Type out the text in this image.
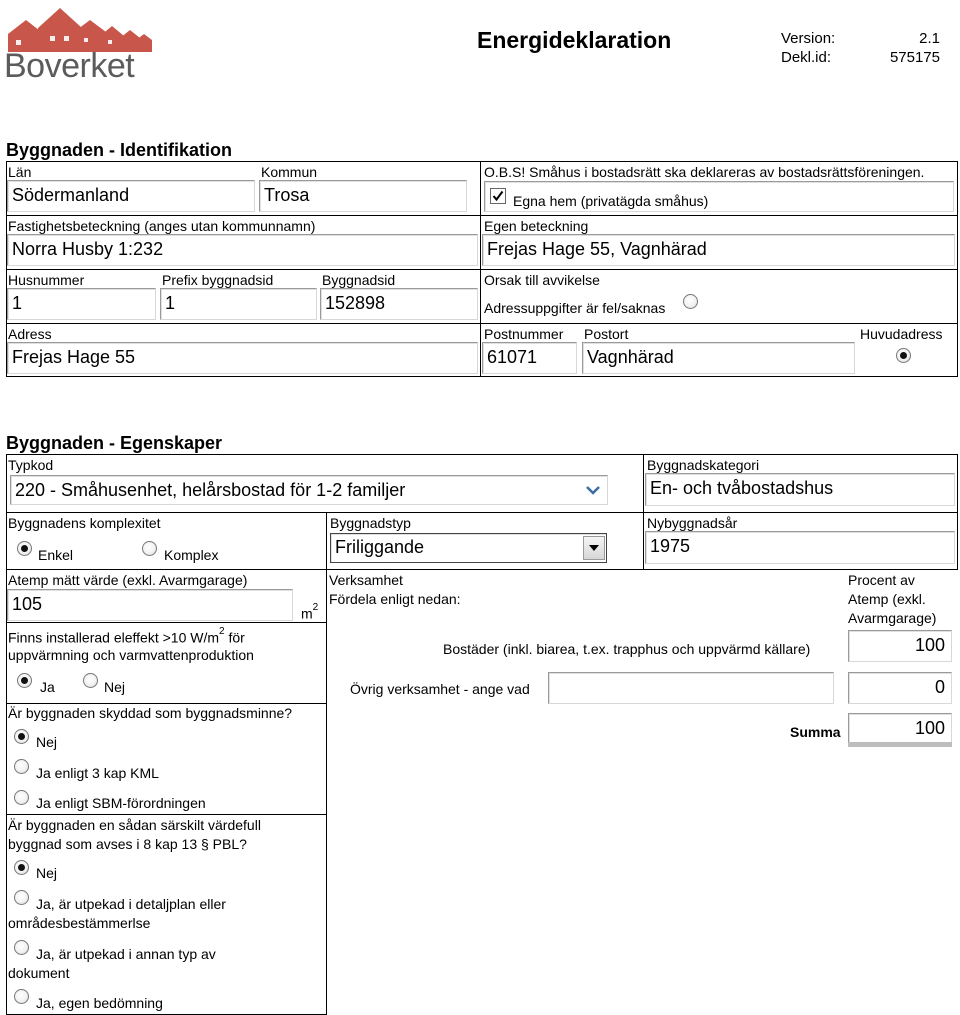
Boverket
Energideklaration	Version:	2.1
Dekl.id:	575175
Byggnaden - Identifikation
Län
Södermanland
Kommun
Trosa
O.B.S! Småhus i bostadsrätt ska deklareras av bostadsrättsföreningen.
Egna hem (privatägda småhus)
Fastighetsbeteckning (anges utan kommunnamn)
Norra Husby 1:232
Egen beteckning
Frejas Hage 55, Vagnhärad
Husnummer
1
Prefix byggnadsid
1
Byggnadsid
152898
Orsak till avvikelse
Adressuppgifter är fel/saknas
Adress
Frejas Hage 55
Postnummer
61071
Postort
Vagnhärad
Huvudadress
Byggnaden - Egenskaper
Typkod
220 - Småhusenhet, helårsbostad för 1-2 familjer
Byggnadskategori
En- och tvåbostadshus
Byggnadens komplexitet
Enkel	Komplex
Byggnadstyp
Friliggande
Nybyggnadsår
1975
Atemp mätt värde (exkl. Avarmgarage)
105	$m^2$
Finns installerad eleffekt >10 $W/m^2$ för
uppvärmning och varmvattenproduktion
Ja	Nej
Är byggnaden skyddad som byggnadsminne?
Nej
Ja enligt 3 kap KML
Ja enligt SBM-förordningen
Är byggnaden en sådan särskilt värdefull byggnad som avses i 8 kap 13 § PBL?
Nej
Ja, är utpekad i detaljplan eller områdesbestämmerlse
Ja, är utpekad i annan typ av dokument
Ja, egen bedömning
Verksamhet
Fördela enligt nedan:
Procent av
Atemp (exkl.
Avarmgarage)
Bostäder (inkl. biarea, t.ex. trapphus och uppvärmd källare)	100
Övrig verksamhet - ange vad	0
Summa	100
